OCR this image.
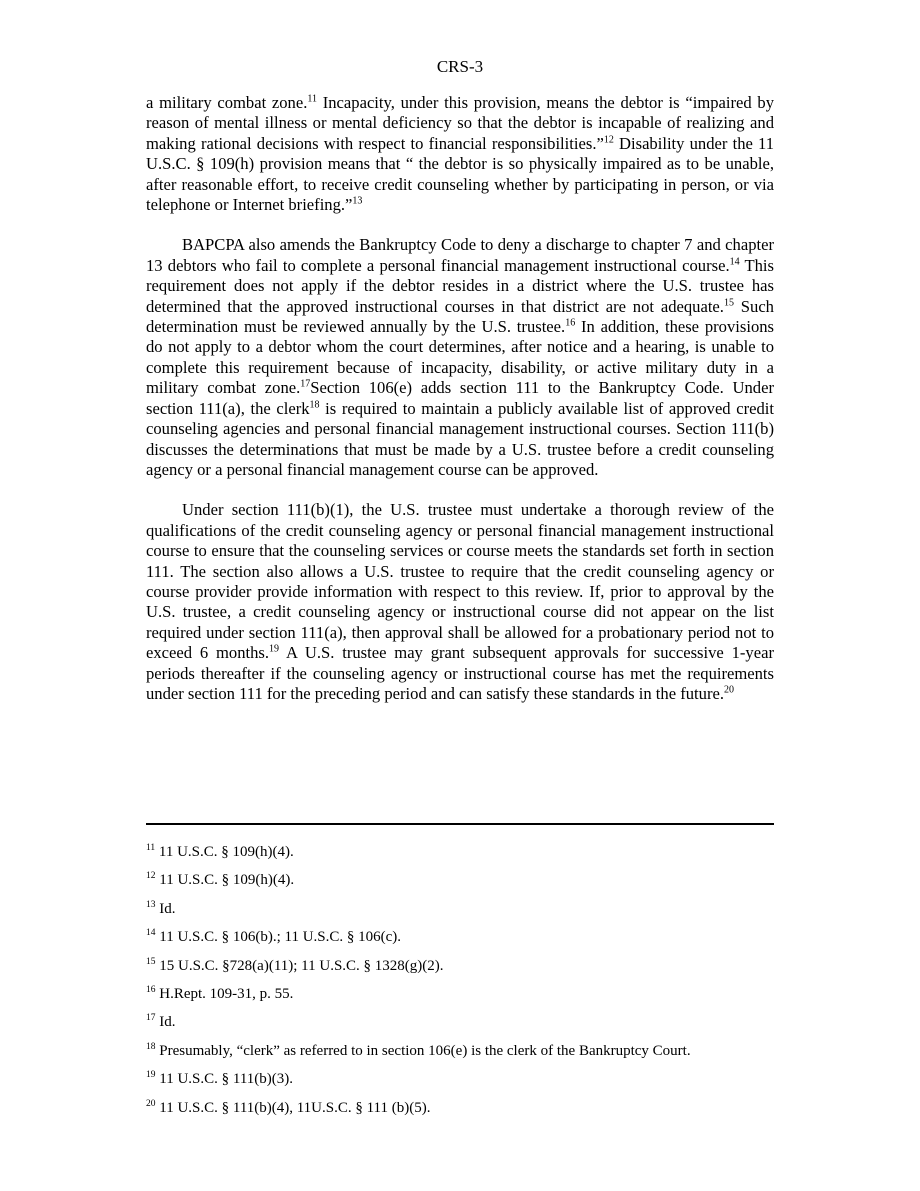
CRS-3

a military combat zone.$^{11}$ Incapacity, under this provision, means the debtor is “impaired by reason of mental illness or mental deficiency so that the debtor is incapable of realizing and making rational decisions with respect to financial responsibilities.”$^{12}$ Disability under the 11 U.S.C. § 109(h) provision means that “ the debtor is so physically impaired as to be unable, after reasonable effort, to receive credit counseling whether by participating in person, or via telephone or Internet briefing.”$^{13}$

BAPCPA also amends the Bankruptcy Code to deny a discharge to chapter 7 and chapter 13 debtors who fail to complete a personal financial management instructional course.$^{14}$ This requirement does not apply if the debtor resides in a district where the U.S. trustee has determined that the approved instructional courses in that district are not adequate.$^{15}$ Such determination must be reviewed annually by the U.S. trustee.$^{16}$ In addition, these provisions do not apply to a debtor whom the court determines, after notice and a hearing, is unable to complete this requirement because of incapacity, disability, or active military duty in a military combat zone.$^{17}$Section 106(e) adds section 111 to the Bankruptcy Code. Under section 111(a), the clerk$^{18}$ is required to maintain a publicly available list of approved credit counseling agencies and personal financial management instructional courses. Section 111(b) discusses the determinations that must be made by a U.S. trustee before a credit counseling agency or a personal financial management course can be approved.

Under section 111(b)(1), the U.S. trustee must undertake a thorough review of the qualifications of the credit counseling agency or personal financial management instructional course to ensure that the counseling services or course meets the standards set forth in section 111. The section also allows a U.S. trustee to require that the credit counseling agency or course provider provide information with respect to this review. If, prior to approval by the U.S. trustee, a credit counseling agency or instructional course did not appear on the list required under section 111(a), then approval shall be allowed for a probationary period not to exceed 6 months.$^{19}$ A U.S. trustee may grant subsequent approvals for successive 1-year periods thereafter if the counseling agency or instructional course has met the requirements under section 111 for the preceding period and can satisfy these standards in the future.$^{20}$

$^{11}$ 11 U.S.C. § 109(h)(4).
$^{12}$ 11 U.S.C. § 109(h)(4).
$^{13}$ Id.
$^{14}$ 11 U.S.C. § 106(b).; 11 U.S.C. § 106(c).
$^{15}$ 15 U.S.C. §728(a)(11); 11 U.S.C. § 1328(g)(2).
$^{16}$ H.Rept. 109-31, p. 55.
$^{17}$ Id.
$^{18}$ Presumably, “clerk” as referred to in section 106(e) is the clerk of the Bankruptcy Court.
$^{19}$ 11 U.S.C. § 111(b)(3).
$^{20}$ 11 U.S.C. § 111(b)(4), 11U.S.C. § 111 (b)(5).
